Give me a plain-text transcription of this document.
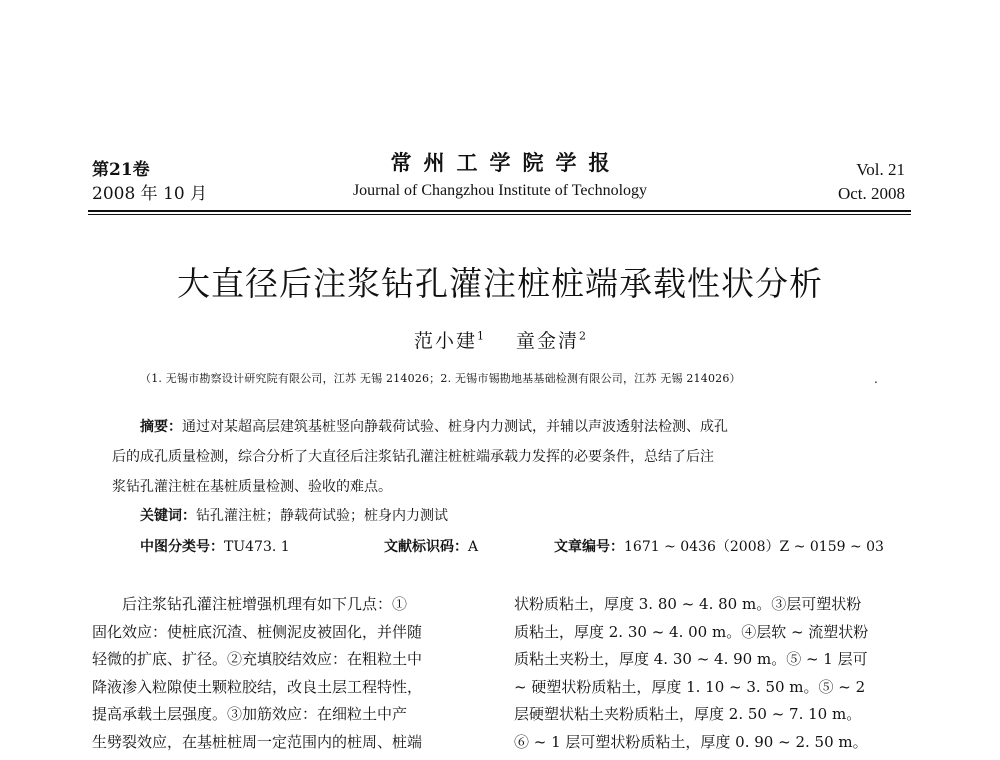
第21卷
2008 年 10 月
常州工学院学报
Journal of Changzhou Institute of Technology
Vol. 21
Oct. 2008
大直径后注浆钻孔灌注桩桩端承载性状分析
范小建$^1$ 童金清$^2$
（1. 无锡市勘察设计研究院有限公司，江苏 无锡 214026；2. 无锡市锡勘地基基础检测有限公司，江苏 无锡 214026）	.
摘要：通过对某超高层建筑基桩竖向静载荷试验、桩身内力测试，并辅以声波透射法检测、成孔
后的成孔质量检测，综合分析了大直径后注浆钻孔灌注桩桩端承载力发挥的必要条件，总结了后注
浆钻孔灌注桩在基桩质量检测、验收的难点。
关键词：钻孔灌注桩；静载荷试验；桩身内力测试
中图分类号：TU473. 1	文献标识码：A	文章编号：1671 ~ 0436（2008）Z ~ 0159 ~ 03
后注浆钻孔灌注桩增强机理有如下几点：①
固化效应：使桩底沉渣、桩侧泥皮被固化，并伴随
轻微的扩底、扩径。②充填胶结效应：在粗粒土中
降液渗入粒隙使土颗粒胶结，改良土层工程特性，
提高承载土层强度。③加筋效应：在细粒土中产
生劈裂效应，在基桩桩周一定范围内的桩周、桩端
状粉质粘土，厚度 3. 80 ~ 4. 80 m。③层可塑状粉
质粘土，厚度 2. 30 ~ 4. 00 m。④层软 ~ 流塑状粉
质粘土夹粉土，厚度 4. 30 ~ 4. 90 m。⑤ ~ 1 层可
~ 硬塑状粉质粘土，厚度 1. 10 ~ 3. 50 m。⑤ ~ 2
层硬塑状粘土夹粉质粘土，厚度 2. 50 ~ 7. 10 m。
⑥ ~ 1 层可塑状粉质粘土，厚度 0. 90 ~ 2. 50 m。
